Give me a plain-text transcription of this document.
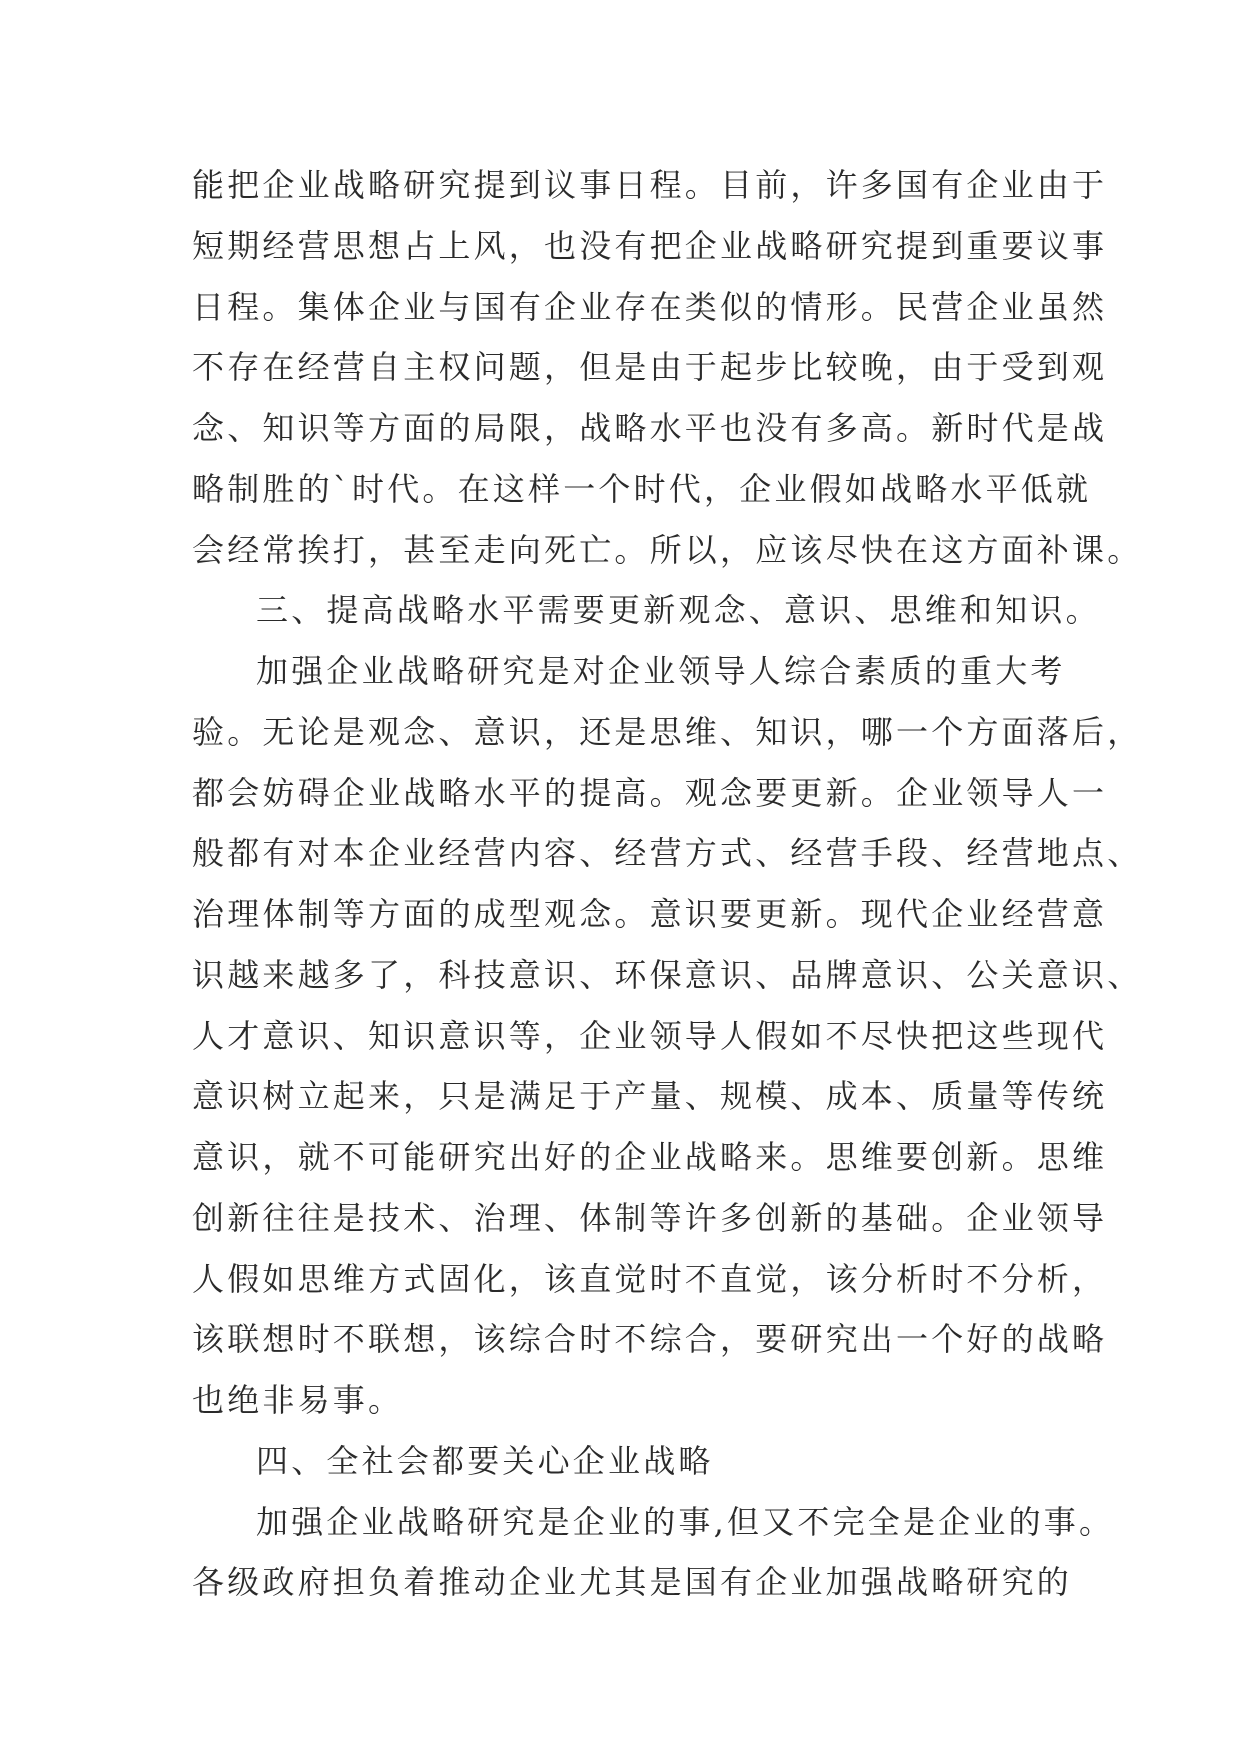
能把企业战略研究提到议事日程。目前，许多国有企业由于
短期经营思想占上风，也没有把企业战略研究提到重要议事
日程。集体企业与国有企业存在类似的情形。民营企业虽然
不存在经营自主权问题，但是由于起步比较晚，由于受到观
念、知识等方面的局限，战略水平也没有多高。新时代是战
略制胜的`时代。在这样一个时代，企业假如战略水平低就
会经常挨打，甚至走向死亡。所以，应该尽快在这方面补课。
三、提高战略水平需要更新观念、意识、思维和知识。
加强企业战略研究是对企业领导人综合素质的重大考
验。无论是观念、意识，还是思维、知识，哪一个方面落后，
都会妨碍企业战略水平的提高。观念要更新。企业领导人一
般都有对本企业经营内容、经营方式、经营手段、经营地点、
治理体制等方面的成型观念。意识要更新。现代企业经营意
识越来越多了，科技意识、环保意识、品牌意识、公关意识、
人才意识、知识意识等，企业领导人假如不尽快把这些现代
意识树立起来，只是满足于产量、规模、成本、质量等传统
意识，就不可能研究出好的企业战略来。思维要创新。思维
创新往往是技术、治理、体制等许多创新的基础。企业领导
人假如思维方式固化，该直觉时不直觉，该分析时不分析，
该联想时不联想，该综合时不综合，要研究出一个好的战略
也绝非易事。
四、全社会都要关心企业战略
加强企业战略研究是企业的事,但又不完全是企业的事。
各级政府担负着推动企业尤其是国有企业加强战略研究的
